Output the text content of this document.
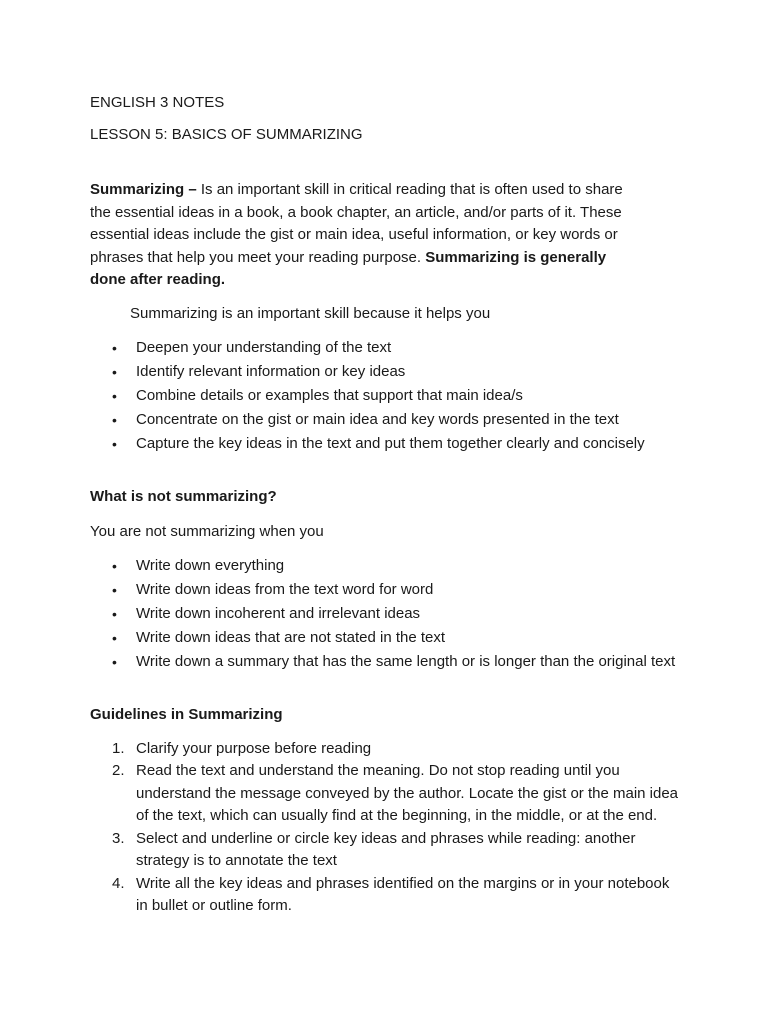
ENGLISH 3 NOTES
LESSON 5: BASICS OF SUMMARIZING

Summarizing – Is an important skill in critical reading that is often used to share the essential ideas in a book, a book chapter, an article, and/or parts of it. These essential ideas include the gist or main idea, useful information, or key words or phrases that help you meet your reading purpose. Summarizing is generally done after reading.

Summarizing is an important skill because it helps you

• Deepen your understanding of the text
• Identify relevant information or key ideas
• Combine details or examples that support that main idea/s
• Concentrate on the gist or main idea and key words presented in the text
• Capture the key ideas in the text and put them together clearly and concisely
What is not summarizing?

You are not summarizing when you

• Write down everything
• Write down ideas from the text word for word
• Write down incoherent and irrelevant ideas
• Write down ideas that are not stated in the text
• Write down a summary that has the same length or is longer than the original text
Guidelines in Summarizing
1. Clarify your purpose before reading
2. Read the text and understand the meaning. Do not stop reading until you understand the message conveyed by the author. Locate the gist or the main idea of the text, which can usually find at the beginning, in the middle, or at the end.
3. Select and underline or circle key ideas and phrases while reading: another strategy is to annotate the text
4. Write all the key ideas and phrases identified on the margins or in your notebook in bullet or outline form.
